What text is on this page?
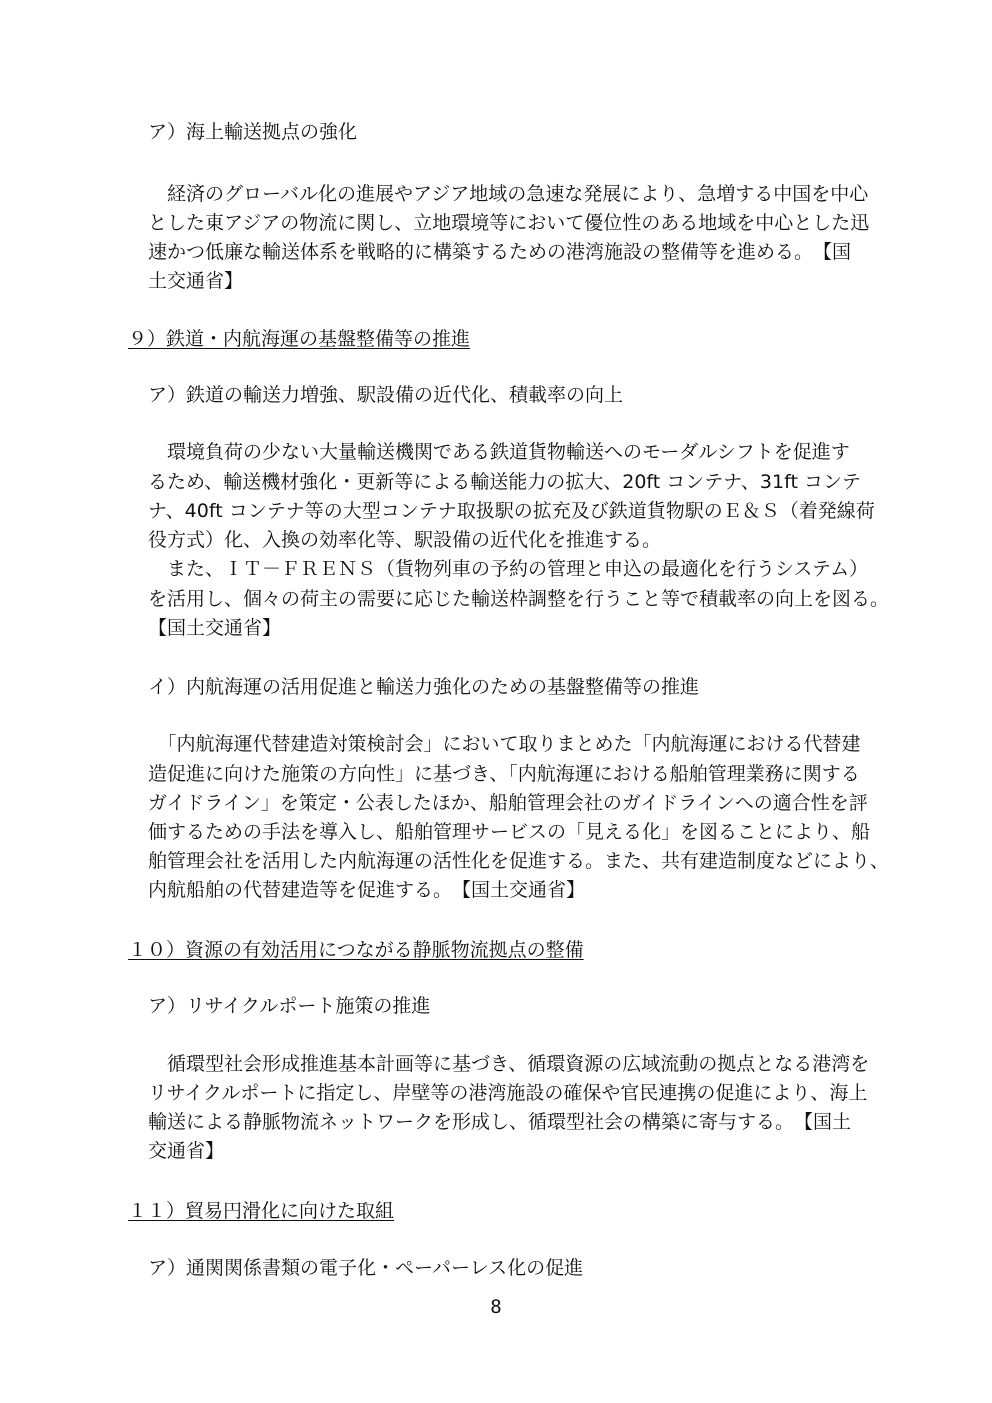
ア）海上輸送拠点の強化
　経済のグローバル化の進展やアジア地域の急速な発展により、急増する中国を中心
とした東アジアの物流に関し、立地環境等において優位性のある地域を中心とした迅
速かつ低廉な輸送体系を戦略的に構築するための港湾施設の整備等を進める。　【国
土交通省】
９）鉄道・内航海運の基盤整備等の推進
ア）鉄道の輸送力増強、駅設備の近代化、積載率の向上
　環境負荷の少ない大量輸送機関である鉄道貨物輸送へのモーダルシフトを促進す
るため、輸送機材強化・更新等による輸送能力の拡大、20ft コンテナ、31ft コンテ
ナ、40ft コンテナ等の大型コンテナ取扱駅の拡充及び鉄道貨物駅のＥ＆Ｓ（着発線荷
役方式）化、入換の効率化等、駅設備の近代化を推進する。
　また、ＩＴ－ＦＲＥＮＳ（貨物列車の予約の管理と申込の最適化を行うシステム）
を活用し、個々の荷主の需要に応じた輸送枠調整を行うこと等で積載率の向上を図る。
【国土交通省】
イ）内航海運の活用促進と輸送力強化のための基盤整備等の推進
　「内航海運代替建造対策検討会」において取りまとめた「内航海運における代替建
造促進に向けた施策の方向性」に基づき、「内航海運における船舶管理業務に関する
ガイドライン」を策定・公表したほか、船舶管理会社のガイドラインへの適合性を評
価するための手法を導入し、船舶管理サービスの「見える化」を図ることにより、船
舶管理会社を活用した内航海運の活性化を促進する。また、共有建造制度などにより、
内航船舶の代替建造等を促進する。　【国土交通省】
１０）資源の有効活用につながる静脈物流拠点の整備
ア）リサイクルポート施策の推進
　循環型社会形成推進基本計画等に基づき、循環資源の広域流動の拠点となる港湾を
リサイクルポートに指定し、岸壁等の港湾施設の確保や官民連携の促進により、海上
輸送による静脈物流ネットワークを形成し、循環型社会の構築に寄与する。　【国土
交通省】
１１）貿易円滑化に向けた取組
ア）通関関係書類の電子化・ペーパーレス化の促進
8
